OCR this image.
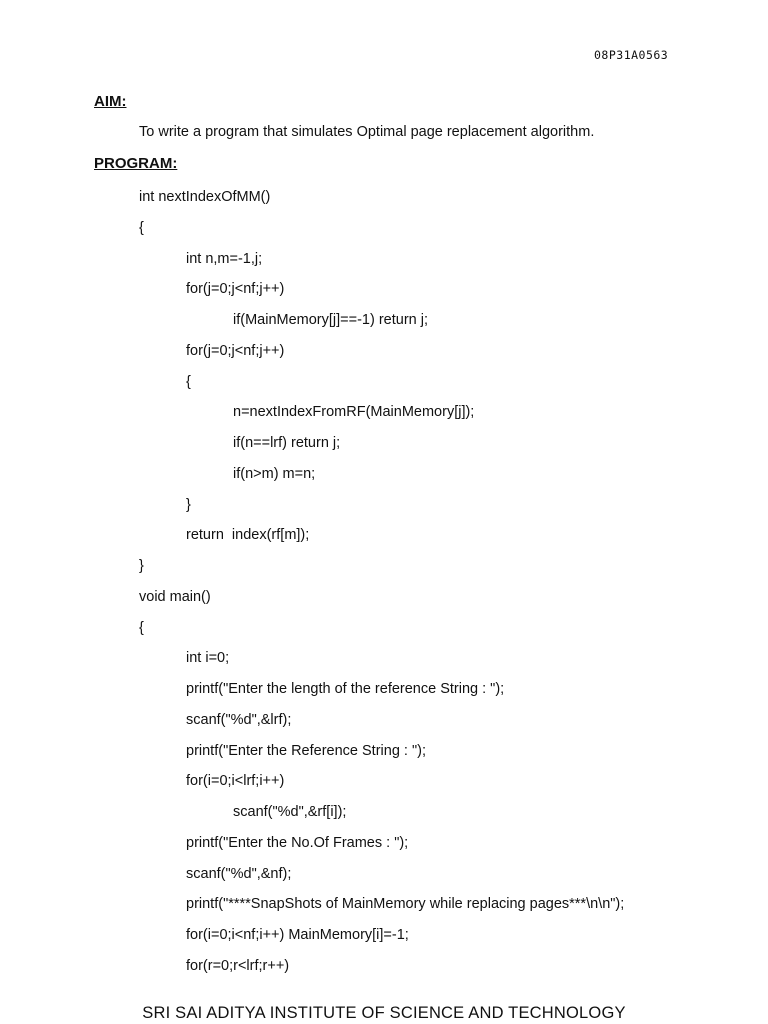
08P31A0563
AIM:
To write a program that simulates Optimal page replacement algorithm.
PROGRAM:
int nextIndexOfMM()
{
int n,m=-1,j;
for(j=0;j<nf;j++)
if(MainMemory[j]==-1) return j;
for(j=0;j<nf;j++)
{
n=nextIndexFromRF(MainMemory[j]);
if(n==lrf) return j;
if(n>m) m=n;
}
return  index(rf[m]);
}
void main()
{
int i=0;
printf("Enter the length of the reference String : ");
scanf("%d",&lrf);
printf("Enter the Reference String : ");
for(i=0;i<lrf;i++)
scanf("%d",&rf[i]);
printf("Enter the No.Of Frames : ");
scanf("%d",&nf);
printf("****SnapShots of MainMemory while replacing pages***\n\n");
for(i=0;i<nf;i++) MainMemory[i]=-1;
for(r=0;r<lrf;r++)
SRI SAI ADITYA INSTITUTE OF SCIENCE AND TECHNOLOGY
